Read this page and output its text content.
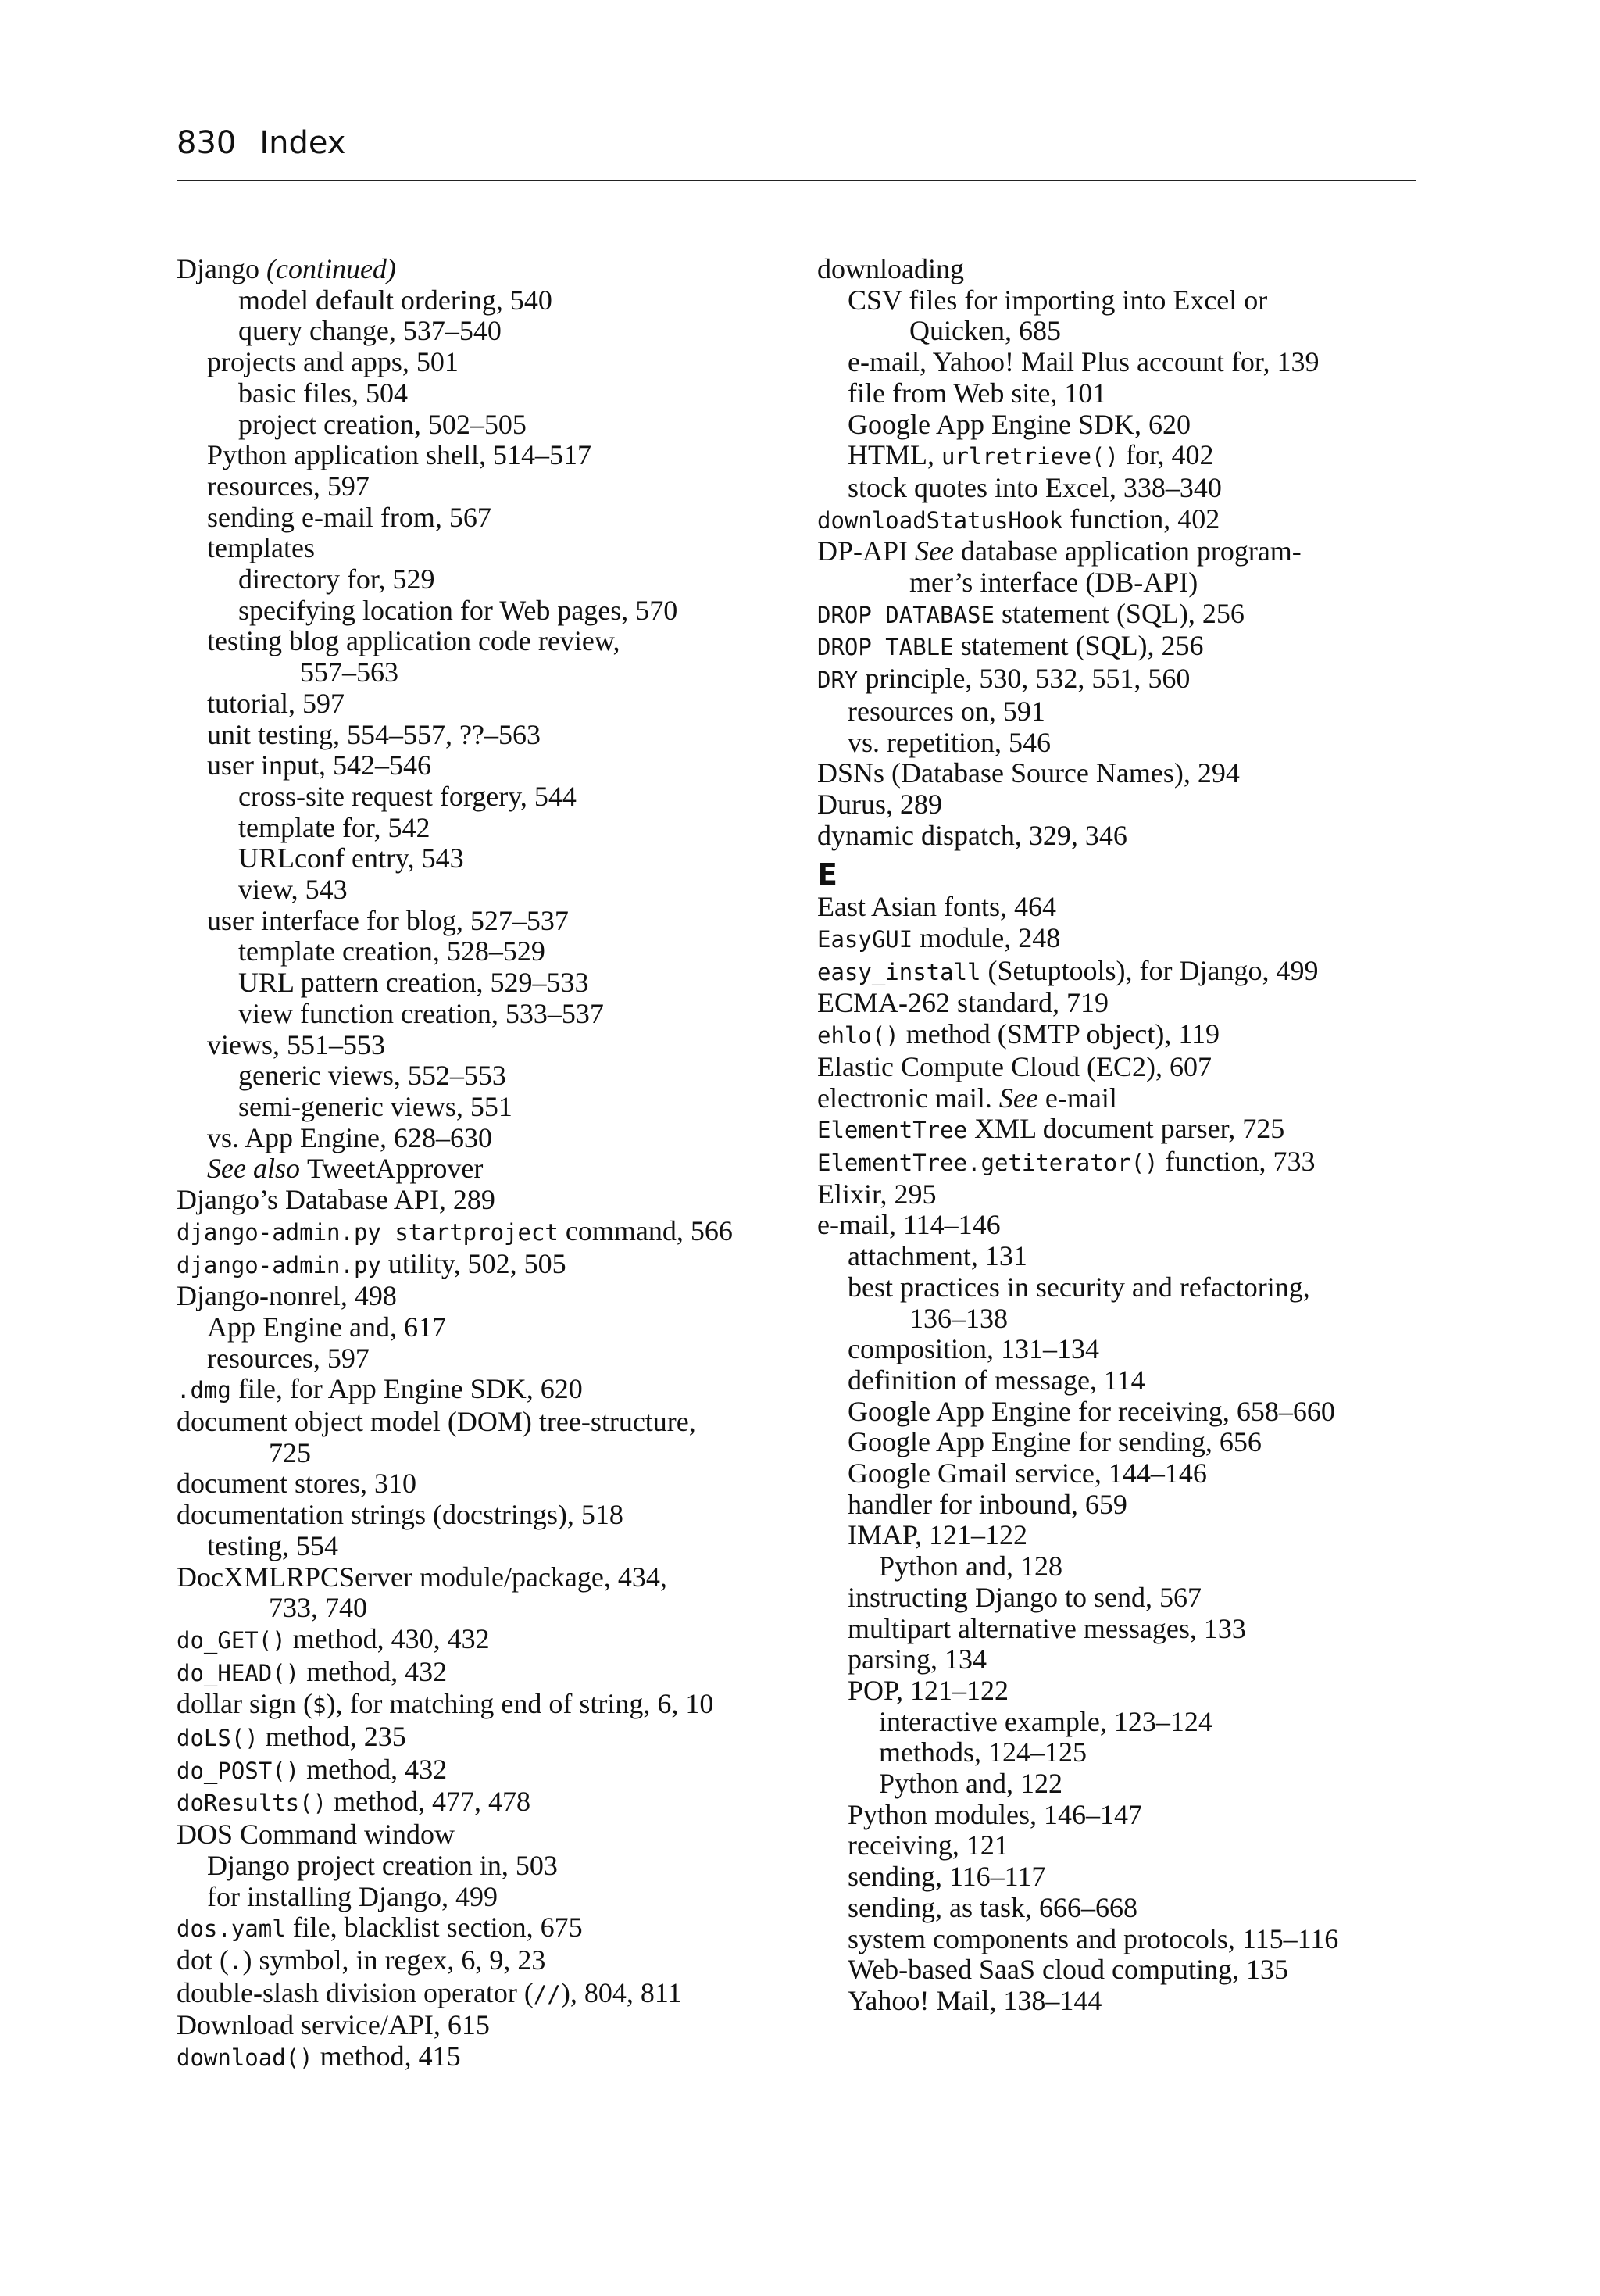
830 Index
Django (continued)
model default ordering, 540
query change, 537–540
projects and apps, 501
basic files, 504
project creation, 502–505
Python application shell, 514–517
resources, 597
sending e-mail from, 567
templates
directory for, 529
specifying location for Web pages, 570
testing blog application code review,
557–563
tutorial, 597
unit testing, 554–557, ??–563
user input, 542–546
cross-site request forgery, 544
template for, 542
URLconf entry, 543
view, 543
user interface for blog, 527–537
template creation, 528–529
URL pattern creation, 529–533
view function creation, 533–537
views, 551–553
generic views, 552–553
semi-generic views, 551
vs. App Engine, 628–630
See also TweetApprover
Django’s Database API, 289
django-admin.py startproject command, 566
django-admin.py utility, 502, 505
Django-nonrel, 498
App Engine and, 617
resources, 597
.dmg file, for App Engine SDK, 620
document object model (DOM) tree-structure,
725
document stores, 310
documentation strings (docstrings), 518
testing, 554
DocXMLRPCServer module/package, 434,
733, 740
do_GET() method, 430, 432
do_HEAD() method, 432
dollar sign ($), for matching end of string, 6, 10
doLS() method, 235
do_POST() method, 432
doResults() method, 477, 478
DOS Command window
Django project creation in, 503
for installing Django, 499
dos.yaml file, blacklist section, 675
dot (.) symbol, in regex, 6, 9, 23
double-slash division operator (//), 804, 811
Download service/API, 615
download() method, 415
downloading
CSV files for importing into Excel or
Quicken, 685
e-mail, Yahoo! Mail Plus account for, 139
file from Web site, 101
Google App Engine SDK, 620
HTML, urlretrieve() for, 402
stock quotes into Excel, 338–340
downloadStatusHook function, 402
DP-API See database application program-
mer’s interface (DB-API)
DROP DATABASE statement (SQL), 256
DROP TABLE statement (SQL), 256
DRY principle, 530, 532, 551, 560
resources on, 591
vs. repetition, 546
DSNs (Database Source Names), 294
Durus, 289
dynamic dispatch, 329, 346
E
East Asian fonts, 464
EasyGUI module, 248
easy_install (Setuptools), for Django, 499
ECMA-262 standard, 719
ehlo() method (SMTP object), 119
Elastic Compute Cloud (EC2), 607
electronic mail. See e-mail
ElementTree XML document parser, 725
ElementTree.getiterator() function, 733
Elixir, 295
e-mail, 114–146
attachment, 131
best practices in security and refactoring,
136–138
composition, 131–134
definition of message, 114
Google App Engine for receiving, 658–660
Google App Engine for sending, 656
Google Gmail service, 144–146
handler for inbound, 659
IMAP, 121–122
Python and, 128
instructing Django to send, 567
multipart alternative messages, 133
parsing, 134
POP, 121–122
interactive example, 123–124
methods, 124–125
Python and, 122
Python modules, 146–147
receiving, 121
sending, 116–117
sending, as task, 666–668
system components and protocols, 115–116
Web-based SaaS cloud computing, 135
Yahoo! Mail, 138–144
